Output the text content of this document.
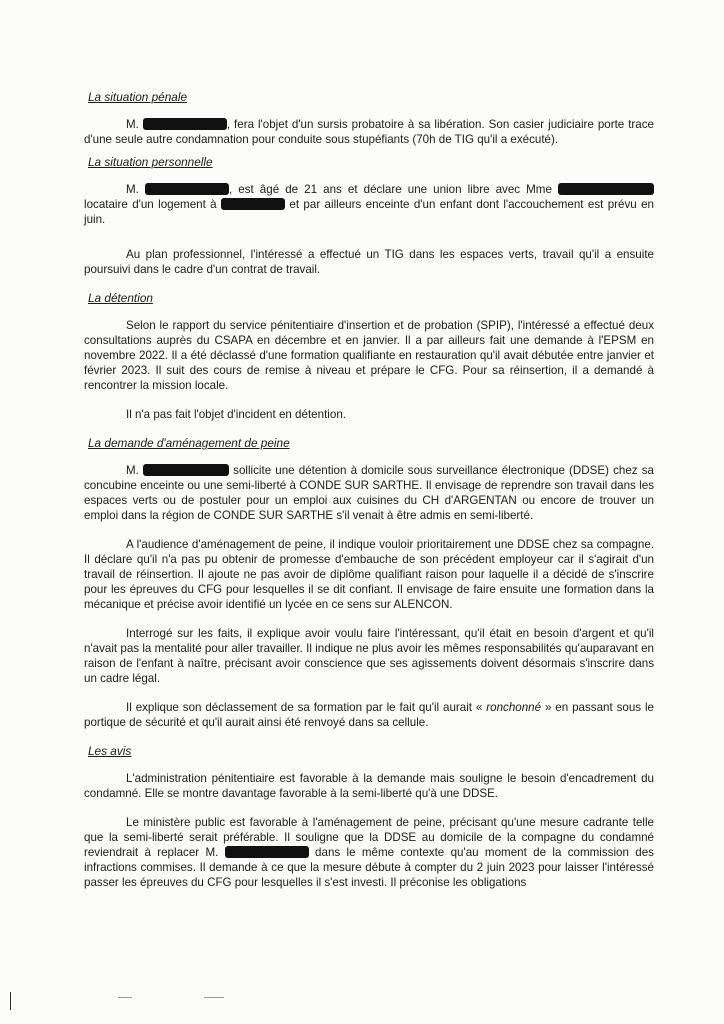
La situation pénale

M.	, fera l'objet d'un sursis probatoire à sa libération. Son casier judiciaire porte trace d'une seule autre condamnation pour conduite sous stupéfiants (70h de TIG qu'il a exécuté).

La situation personnelle

M.	, est âgé de 21 ans et déclare une union libre avec Mme  locataire d'un logement à	et par ailleurs enceinte d'un enfant dont l'accouchement est prévu en juin.

Au plan professionnel, l'intéressé a effectué un TIG dans les espaces verts, travail qu'il a ensuite poursuivi dans le cadre d'un contrat de travail.

La détention

Selon le rapport du service pénitentiaire d'insertion et de probation (SPIP), l'intéressé a effectué deux consultations auprès du CSAPA en décembre et en janvier. Il a par ailleurs fait une demande à l'EPSM en novembre 2022. Il a été déclassé d'une formation qualifiante en restauration qu'il avait débutée entre janvier et février 2023. Il suit des cours de remise à niveau et prépare le CFG. Pour sa réinsertion, il a demandé à rencontrer la mission locale.

Il n'a pas fait l'objet d'incident en détention.

La demande d'aménagement de peine

M.	sollicite une détention à domicile sous surveillance électronique (DDSE) chez sa concubine enceinte ou une semi-liberté à CONDE SUR SARTHE. Il envisage de reprendre son travail dans les espaces verts ou de postuler pour un emploi aux cuisines du CH d'ARGENTAN ou encore de trouver un emploi dans la région de CONDE SUR SARTHE s'il venait à être admis en semi-liberté.

A l'audience d'aménagement de peine, il indique vouloir prioritairement une DDSE chez sa compagne. Il déclare qu'il n'a pas pu obtenir de promesse d'embauche de son précédent employeur car il s'agirait d'un travail de réinsertion. Il ajoute ne pas avoir de diplôme qualifiant raison pour laquelle il a décidé de s'inscrire pour les épreuves du CFG pour lesquelles il se dit confiant. Il envisage de faire ensuite une formation dans la mécanique et précise avoir identifié un lycée en ce sens sur ALENCON.

Interrogé sur les faits, il explique avoir voulu faire l'intéressant, qu'il était en besoin d'argent et qu'il n'avait pas la mentalité pour aller travailler. Il indique ne plus avoir les mêmes responsabilités qu'auparavant en raison de l'enfant à naître, précisant avoir conscience que ses agissements doivent désormais s'inscrire dans un cadre légal.

Il explique son déclassement de sa formation par le fait qu'il aurait « ronchonné » en passant sous le portique de sécurité et qu'il aurait ainsi été renvoyé dans sa cellule.

Les avis

L'administration pénitentiaire est favorable à la demande mais souligne le besoin d'encadrement du condamné. Elle se montre davantage favorable à la semi-liberté qu'à une DDSE.

Le ministère public est favorable à l'aménagement de peine, précisant qu'une mesure cadrante telle que la semi-liberté serait préférable. Il souligne que la DDSE au domicile de la compagne du condamné reviendrait à replacer M.	dans le même contexte qu'au moment de la commission des infractions commises. Il demande à ce que la mesure débute à compter du 2 juin 2023 pour laisser l'intéressé passer les épreuves du CFG pour lesquelles il s'est investi. Il préconise les obligations
